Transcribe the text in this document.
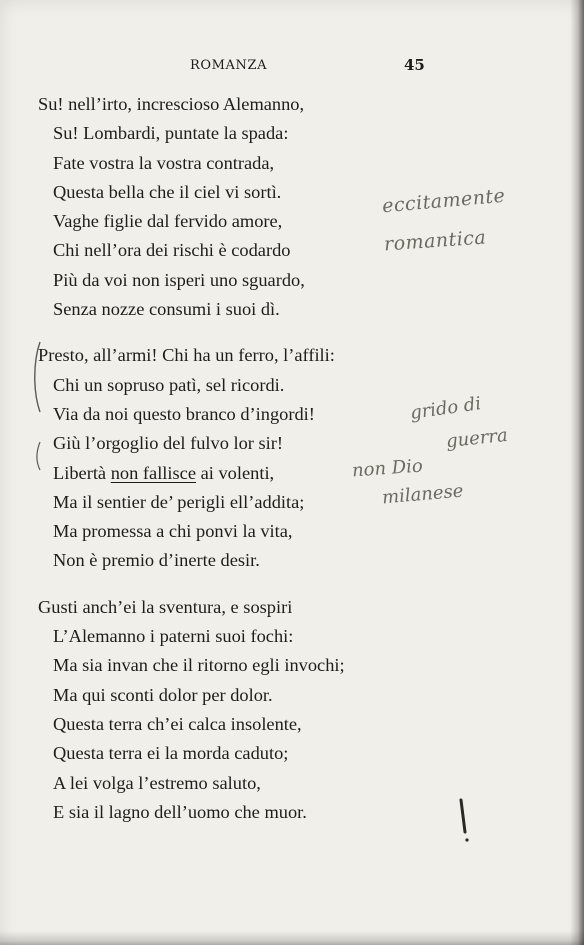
ROMANZA	45
Su! nell’irto, increscioso Alemanno,
Su! Lombardi, puntate la spada:
Fate vostra la vostra contrada,
Questa bella che il ciel vi sortì.
Vaghe figlie dal fervido amore,
Chi nell’ora dei rischi è codardo
Più da voi non isperi uno sguardo,
Senza nozze consumi i suoi dì.
Presto, all’armi! Chi ha un ferro, l’affili:
Chi un sopruso patì, sel ricordi.
Via da noi questo branco d’ingordi!
Giù l’orgoglio del fulvo lor sir!
Libertà non fallisce ai volenti,
Ma il sentier de’ perigli ell’addita;
Ma promessa a chi ponvi la vita,
Non è premio d’inerte desir.
Gusti anch’ei la sventura, e sospiri
L’Alemanno i paterni suoi fochi:
Ma sia invan che il ritorno egli invochi;
Ma qui sconti dolor per dolor.
Questa terra ch’ei calca insolente,
Questa terra ei la morda caduto;
A lei volga l’estremo saluto,
E sia il lagno dell’uomo che muor.
eccitamente
romantica
grido di
guerra
non Dio
milanese
